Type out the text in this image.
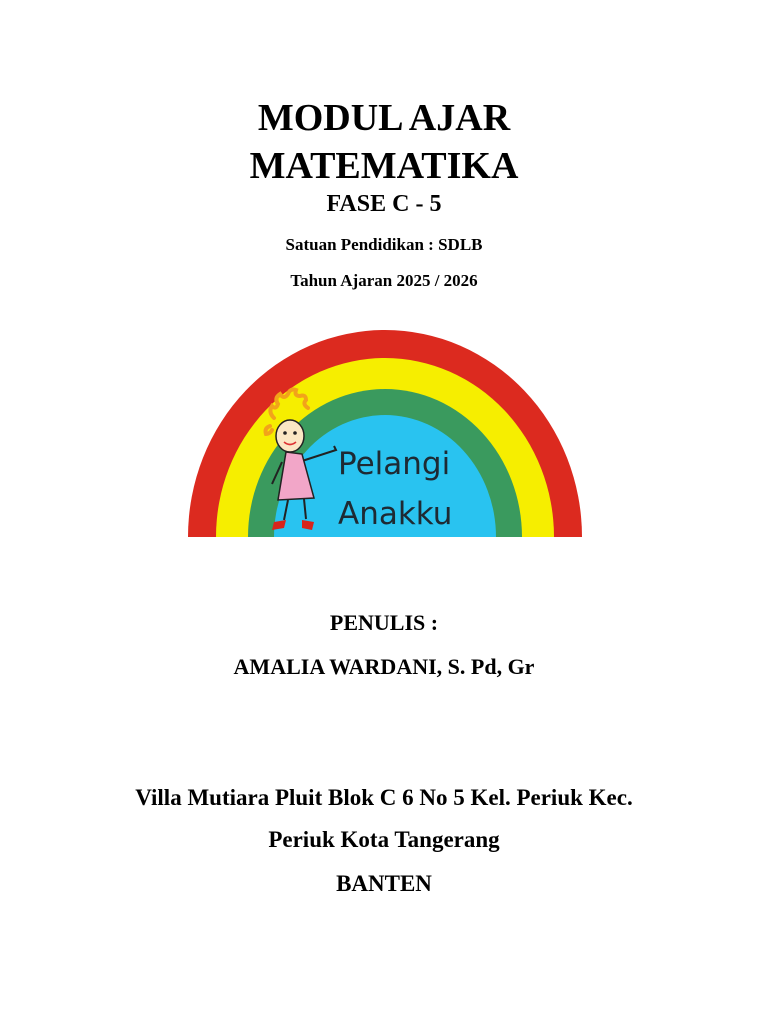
MODUL AJAR
MATEMATIKA

FASE C - 5

Satuan Pendidikan : SDLB

Tahun Ajaran 2025 / 2026

Pelangi
Anakku

PENULIS :

AMALIA WARDANI, S. Pd, Gr

Villa Mutiara Pluit Blok C 6 No 5 Kel. Periuk Kec.

Periuk Kota Tangerang

BANTEN
